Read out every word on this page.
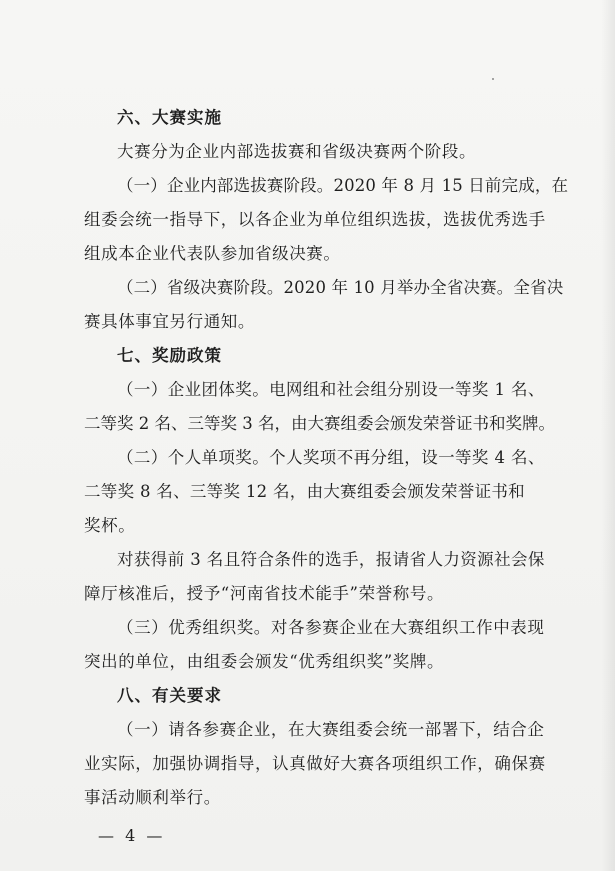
六、大赛实施
大赛分为企业内部选拔赛和省级决赛两个阶段。
（一）企业内部选拔赛阶段。2020 年 8 月 15 日前完成，在
组委会统一指导下，以各企业为单位组织选拔，选拔优秀选手
组成本企业代表队参加省级决赛。
（二）省级决赛阶段。2020 年 10 月举办全省决赛。全省决
赛具体事宜另行通知。
七、奖励政策
（一）企业团体奖。电网组和社会组分别设一等奖 1 名、
二等奖 2 名、三等奖 3 名，由大赛组委会颁发荣誉证书和奖牌。
（二）个人单项奖。个人奖项不再分组，设一等奖 4 名、
二等奖 8 名、三等奖 12 名，由大赛组委会颁发荣誉证书和
奖杯。
对获得前 3 名且符合条件的选手，报请省人力资源社会保
障厅核准后，授予“河南省技术能手”荣誉称号。
（三）优秀组织奖。对各参赛企业在大赛组织工作中表现
突出的单位，由组委会颁发“优秀组织奖”奖牌。
八、有关要求
（一）请各参赛企业，在大赛组委会统一部署下，结合企
业实际，加强协调指导，认真做好大赛各项组织工作，确保赛
事活动顺利举行。
— 4 —
